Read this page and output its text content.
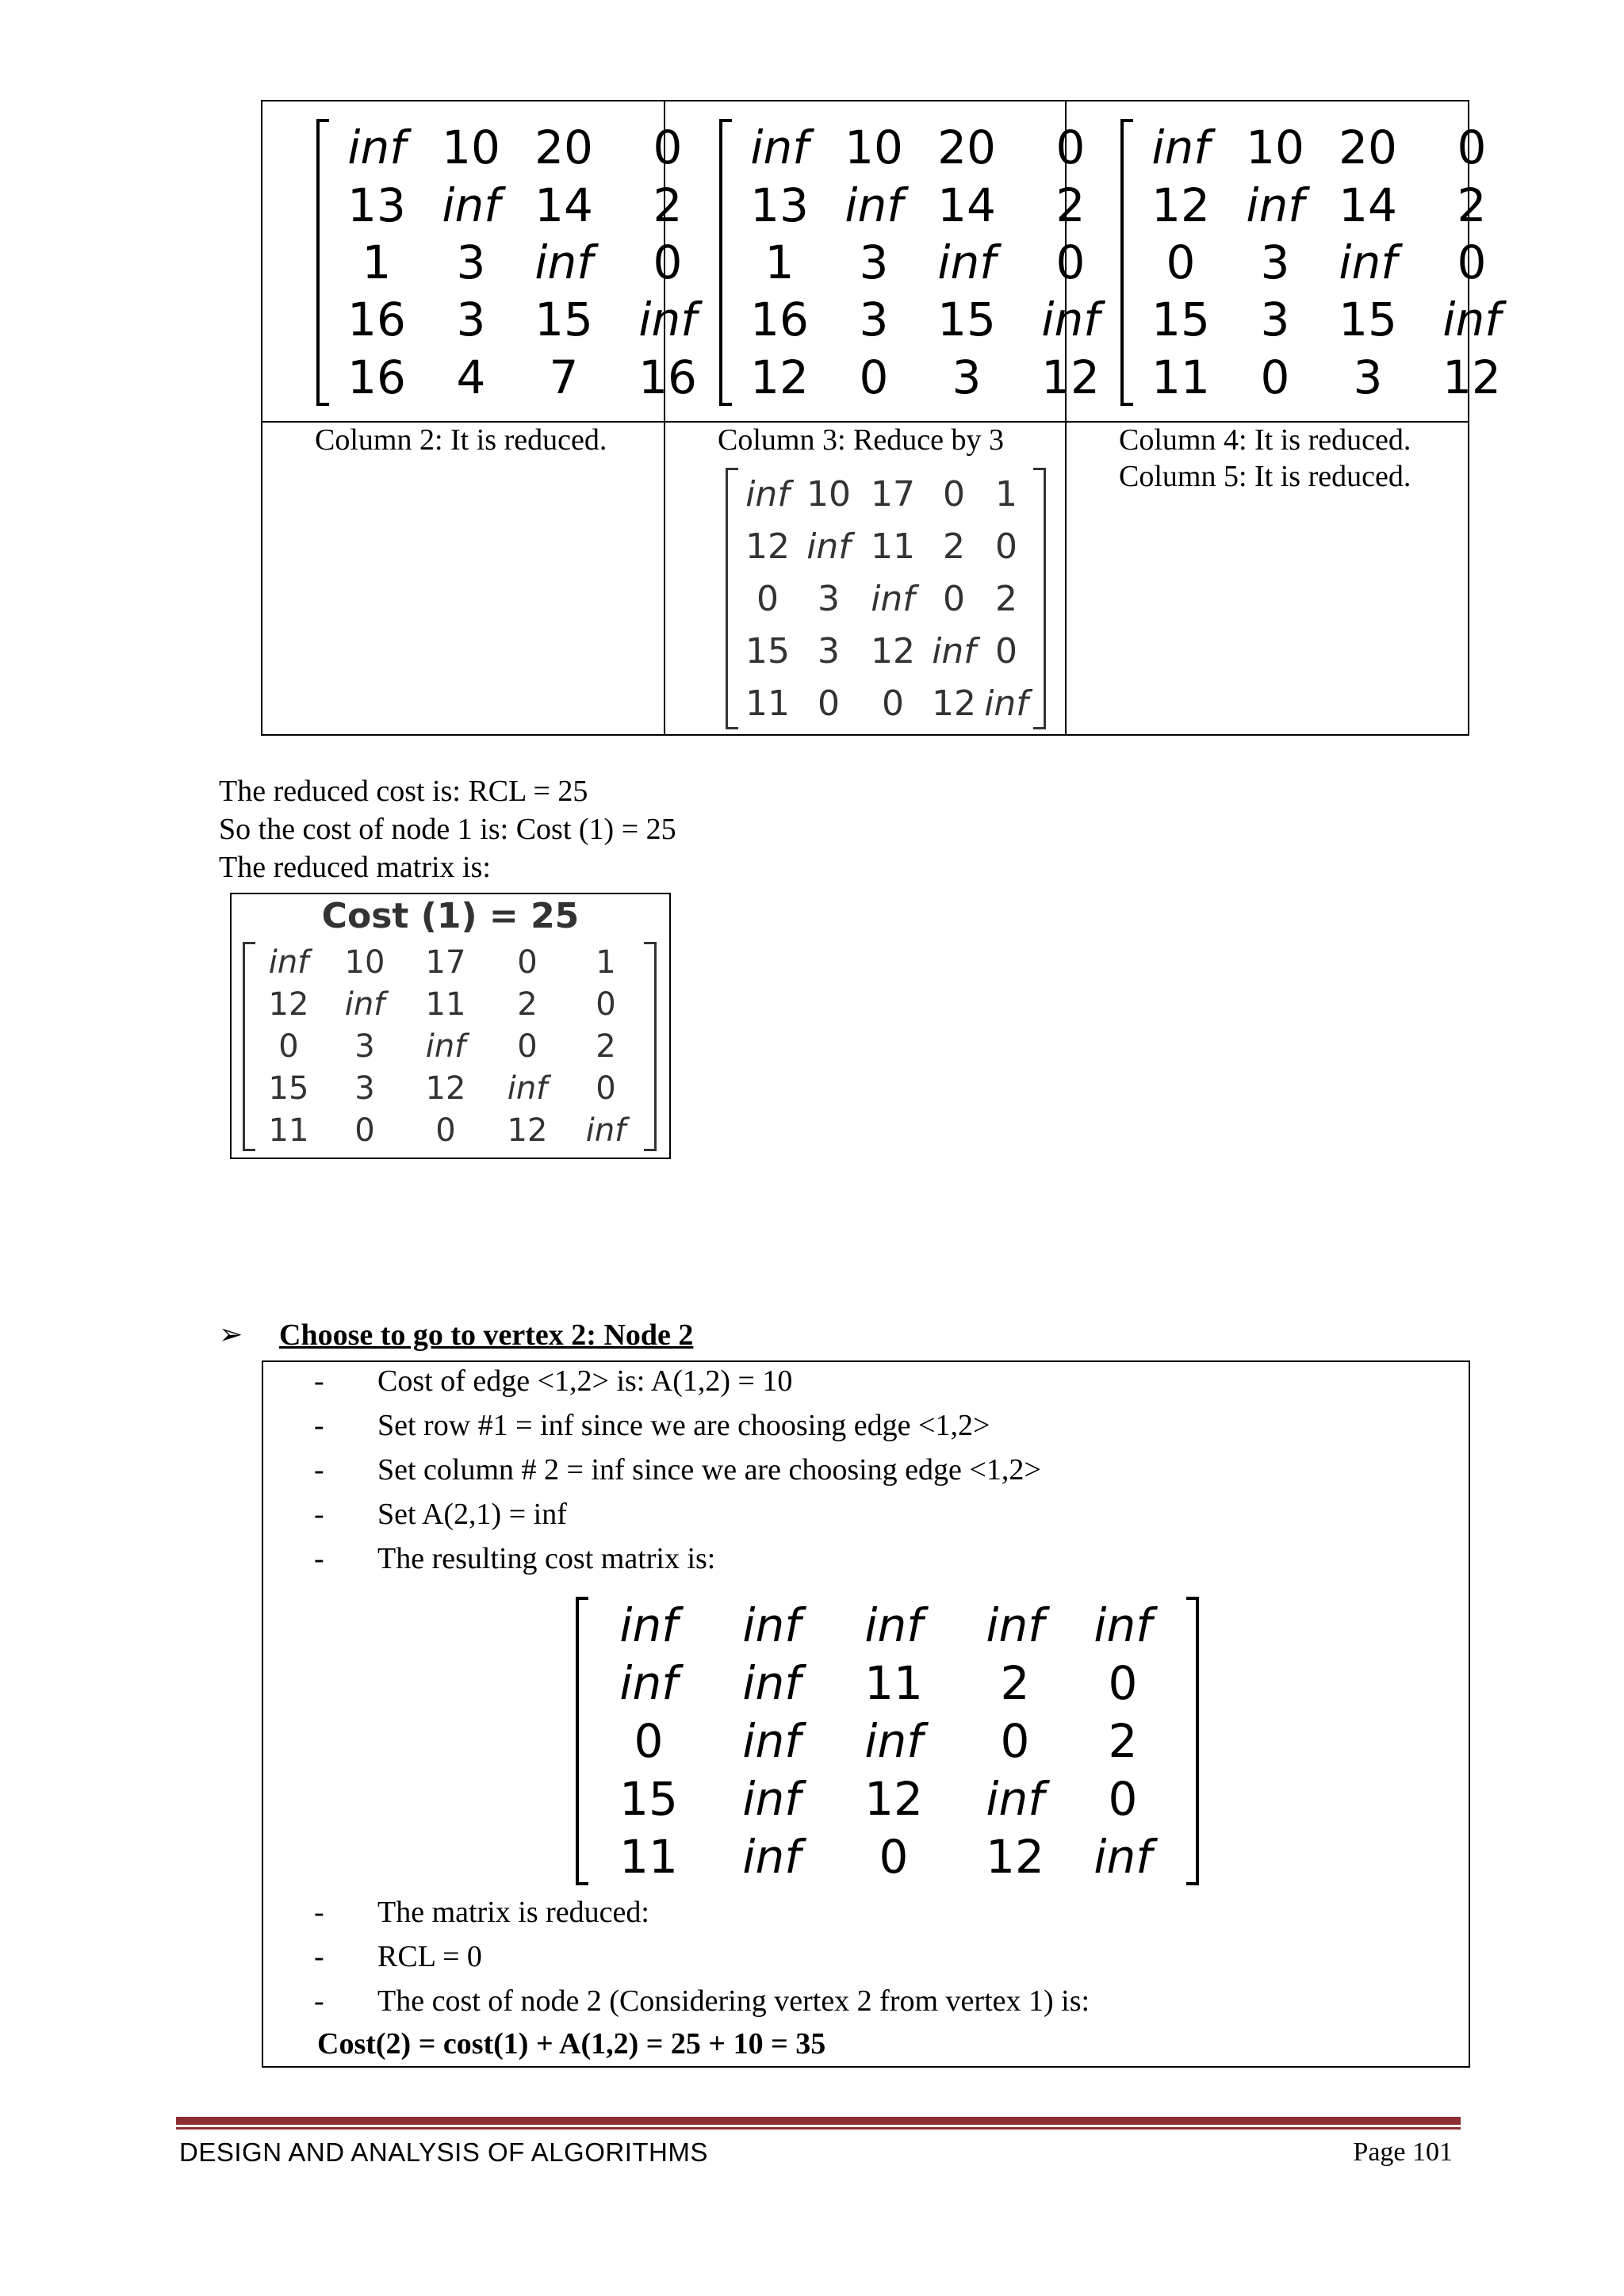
inf 10 20 0
13 inf 14 2
1 3 inf 0
16 3 15 inf
16 4 7 16
inf 10 20 0
13 inf 14 2
1 3 inf 0
16 3 15 inf
12 0 3 12
inf 10 20 0
12 inf 14 2
0 3 inf 0
15 3 15 inf
11 0 3 12
Column 2: It is reduced.	Column 3: Reduce by 3	Column 4: It is reduced.
Column 5: It is reduced.
inf 10 17 0 1
12 inf 11 2 0
0 3 inf 0 2
15 3 12 inf 0
11 0 0 12 inf
The reduced cost is: RCL = 25
So the cost of node 1 is: Cost (1) = 25
The reduced matrix is:
Cost (1) = 25
inf 10 17 0 1
12 inf 11 2 0
0 3 inf 0 2
15 3 12 inf 0
11 0 0 12 inf
➢ Choose to go to vertex 2: Node 2
- Cost of edge <1,2> is: A(1,2) = 10
- Set row #1 = inf since we are choosing edge <1,2>
- Set column # 2 = inf since we are choosing edge <1,2>
- Set A(2,1) = inf
- The resulting cost matrix is:
inf inf inf inf inf
inf inf 11 2 0
0 inf inf 0 2
15 inf 12 inf 0
11 inf 0 12 inf
- The matrix is reduced:
- RCL = 0
- The cost of node 2 (Considering vertex 2 from vertex 1) is:
Cost(2) = cost(1) + A(1,2) = 25 + 10 = 35
DESIGN AND ANALYSIS OF ALGORITHMS	Page 101
